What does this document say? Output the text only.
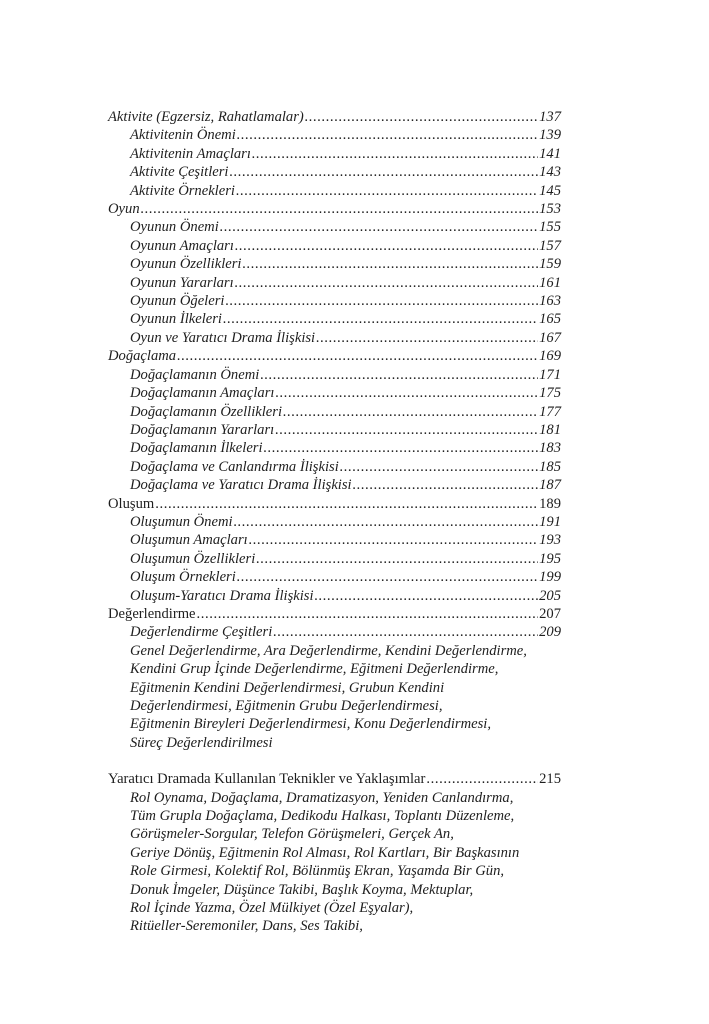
Aktivite (Egzersiz, Rahatlamalar) .....	137
Aktivitenin Önemi .....	139
Aktivitenin Amaçları .....	141
Aktivite Çeşitleri .....	143
Aktivite Örnekleri .....	145
Oyun .....	153
Oyunun Önemi .....	155
Oyunun Amaçları .....	157
Oyunun Özellikleri .....	159
Oyunun Yararları .....	161
Oyunun Öğeleri .....	163
Oyunun İlkeleri .....	165
Oyun ve Yaratıcı Drama İlişkisi .....	167
Doğaçlama .....	169
Doğaçlamanın Önemi .....	171
Doğaçlamanın Amaçları .....	175
Doğaçlamanın Özellikleri .....	177
Doğaçlamanın Yararları .....	181
Doğaçlamanın İlkeleri .....	183
Doğaçlama ve Canlandırma İlişkisi .....	185
Doğaçlama ve Yaratıcı Drama İlişkisi .....	187
Oluşum .....	189
Oluşumun Önemi .....	191
Oluşumun Amaçları .....	193
Oluşumun Özellikleri .....	195
Oluşum Örnekleri .....	199
Oluşum-Yaratıcı Drama İlişkisi .....	205
Değerlendirme .....	207
Değerlendirme Çeşitleri .....	209
Genel Değerlendirme, Ara Değerlendirme, Kendini Değerlendirme,
Kendini Grup İçinde Değerlendirme, Eğitmeni Değerlendirme,
Eğitmenin Kendini Değerlendirmesi, Grubun Kendini
Değerlendirmesi, Eğitmenin Grubu Değerlendirmesi,
Eğitmenin Bireyleri Değerlendirmesi, Konu Değerlendirmesi,
Süreç Değerlendirilmesi
Yaratıcı Dramada Kullanılan Teknikler ve Yaklaşımlar .....	215
Rol Oynama, Doğaçlama, Dramatizasyon, Yeniden Canlandırma,
Tüm Grupla Doğaçlama, Dedikodu Halkası, Toplantı Düzenleme,
Görüşmeler-Sorgular, Telefon Görüşmeleri, Gerçek An,
Geriye Dönüş, Eğitmenin Rol Alması, Rol Kartları, Bir Başkasının
Role Girmesi, Kolektif Rol, Bölünmüş Ekran, Yaşamda Bir Gün,
Donuk İmgeler, Düşünce Takibi, Başlık Koyma, Mektuplar,
Rol İçinde Yazma, Özel Mülkiyet (Özel Eşyalar),
Ritüeller-Seremoniler, Dans, Ses Takibi,
